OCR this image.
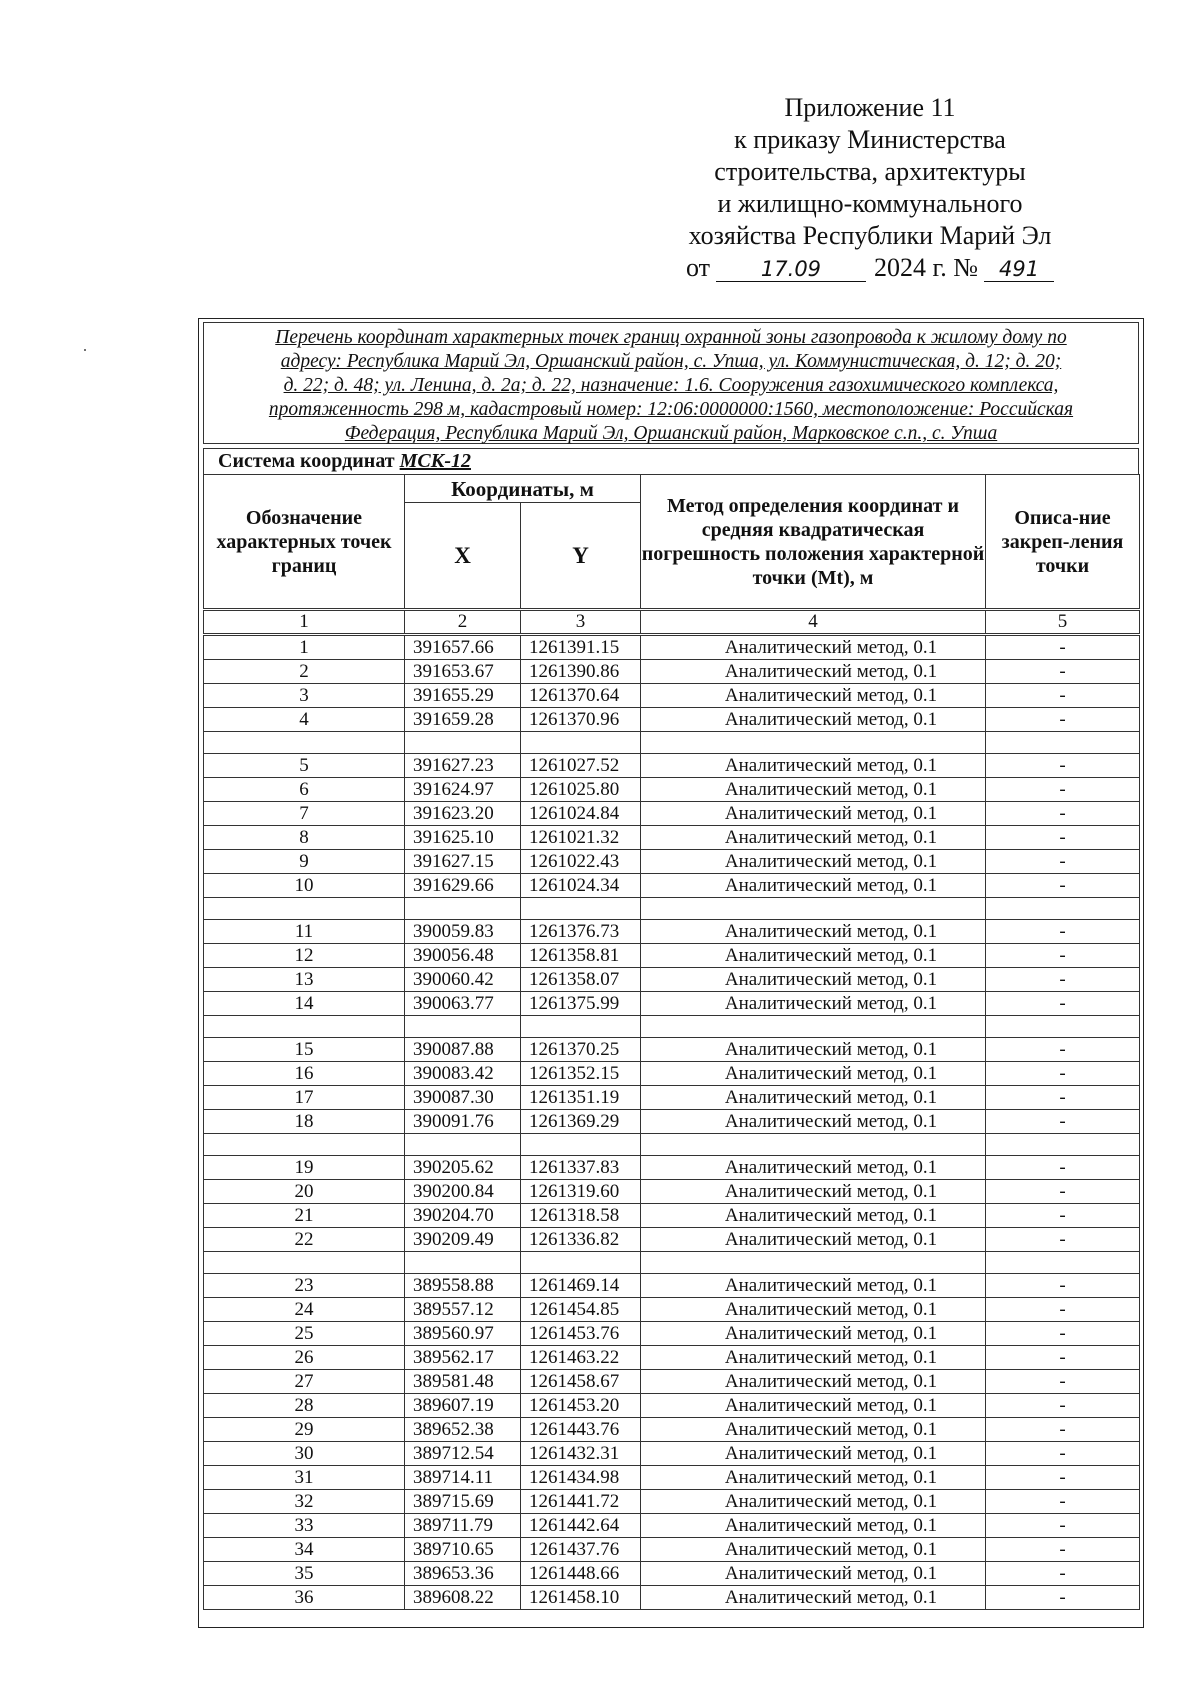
Приложение 11
к приказу Министерства
строительства, архитектуры
и жилищно-коммунального
хозяйства Республики Марий Эл
от 17.09 2024 г. № 491
Перечень координат характерных точек границ охранной зоны газопровода к жилому дому по
адресу: Республика Марий Эл, Оршанский район, с. Упша, ул. Коммунистическая, д. 12; д. 20;
д. 22; д. 48; ул. Ленина, д. 2а; д. 22, назначение: 1.6. Сооружения газохимического комплекса,
протяженность 298 м, кадастровый номер: 12:06:0000000:1560, местоположение: Российская
Федерация, Республика Марий Эл, Оршанский район, Марковское с.п., с. Упша
Система координат МСК-12
Обозначение характерных точек границ	Координаты, м		Метод определения координат и средняя квадратическая погрешность положения характерной точки (Mt), м	Описа-ние закреп-ления точки
	X	Y		
1	2	3	4	5
1	391657.66	1261391.15	Аналитический метод, 0.1	-
2	391653.67	1261390.86	Аналитический метод, 0.1	-
3	391655.29	1261370.64	Аналитический метод, 0.1	-
4	391659.28	1261370.96	Аналитический метод, 0.1	-

5	391627.23	1261027.52	Аналитический метод, 0.1	-
6	391624.97	1261025.80	Аналитический метод, 0.1	-
7	391623.20	1261024.84	Аналитический метод, 0.1	-
8	391625.10	1261021.32	Аналитический метод, 0.1	-
9	391627.15	1261022.43	Аналитический метод, 0.1	-
10	391629.66	1261024.34	Аналитический метод, 0.1	-

11	390059.83	1261376.73	Аналитический метод, 0.1	-
12	390056.48	1261358.81	Аналитический метод, 0.1	-
13	390060.42	1261358.07	Аналитический метод, 0.1	-
14	390063.77	1261375.99	Аналитический метод, 0.1	-

15	390087.88	1261370.25	Аналитический метод, 0.1	-
16	390083.42	1261352.15	Аналитический метод, 0.1	-
17	390087.30	1261351.19	Аналитический метод, 0.1	-
18	390091.76	1261369.29	Аналитический метод, 0.1	-

19	390205.62	1261337.83	Аналитический метод, 0.1	-
20	390200.84	1261319.60	Аналитический метод, 0.1	-
21	390204.70	1261318.58	Аналитический метод, 0.1	-
22	390209.49	1261336.82	Аналитический метод, 0.1	-

23	389558.88	1261469.14	Аналитический метод, 0.1	-
24	389557.12	1261454.85	Аналитический метод, 0.1	-
25	389560.97	1261453.76	Аналитический метод, 0.1	-
26	389562.17	1261463.22	Аналитический метод, 0.1	-
27	389581.48	1261458.67	Аналитический метод, 0.1	-
28	389607.19	1261453.20	Аналитический метод, 0.1	-
29	389652.38	1261443.76	Аналитический метод, 0.1	-
30	389712.54	1261432.31	Аналитический метод, 0.1	-
31	389714.11	1261434.98	Аналитический метод, 0.1	-
32	389715.69	1261441.72	Аналитический метод, 0.1	-
33	389711.79	1261442.64	Аналитический метод, 0.1	-
34	389710.65	1261437.76	Аналитический метод, 0.1	-
35	389653.36	1261448.66	Аналитический метод, 0.1	-
36	389608.22	1261458.10	Аналитический метод, 0.1	-
